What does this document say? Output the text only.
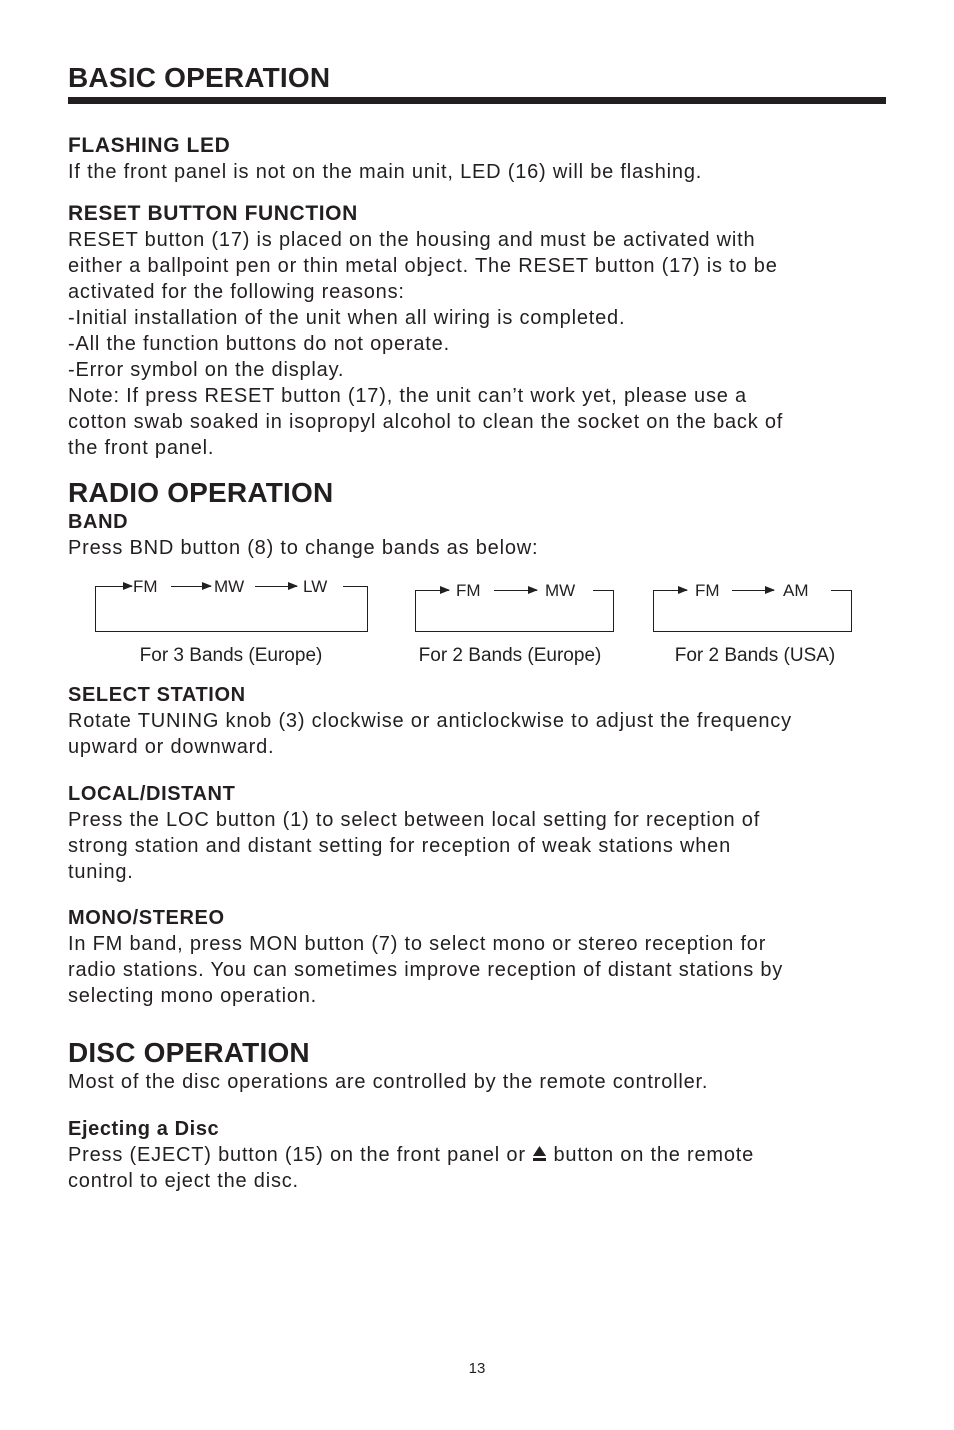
BASIC OPERATION
FLASHING LED
If the front panel is not on the main unit, LED (16) will be flashing.
RESET BUTTON FUNCTION
RESET button (17) is placed on the housing and must be activated with
either a ballpoint pen or thin metal object. The RESET button (17) is to be
activated for the following reasons:
-Initial installation of the unit when all wiring is completed.
-All the function buttons do not operate.
-Error symbol on the display.
Note: If press RESET button (17), the unit can’t work yet, please use a
cotton swab soaked in isopropyl alcohol to clean the socket on the back of
the front panel.
RADIO OPERATION
BAND
Press BND button (8) to change bands as below:
FM	MW	LW
For 3 Bands (Europe)
FM	MW
For 2 Bands (Europe)
FM	AM
For 2 Bands (USA)
SELECT STATION
Rotate TUNING knob (3) clockwise or anticlockwise to adjust the frequency
upward or downward.
LOCAL/DISTANT
Press the LOC button (1) to select between local setting for reception of
strong station and distant setting for reception of weak stations when
tuning.
MONO/STEREO
In FM band, press MON button (7) to select mono or stereo reception for
radio stations. You can sometimes improve reception of distant stations by
selecting mono operation.
DISC OPERATION
Most of the disc operations are controlled by the remote controller.
Ejecting a Disc
Press (EJECT) button (15) on the front panel or  button on the remote
control to eject the disc.
13
